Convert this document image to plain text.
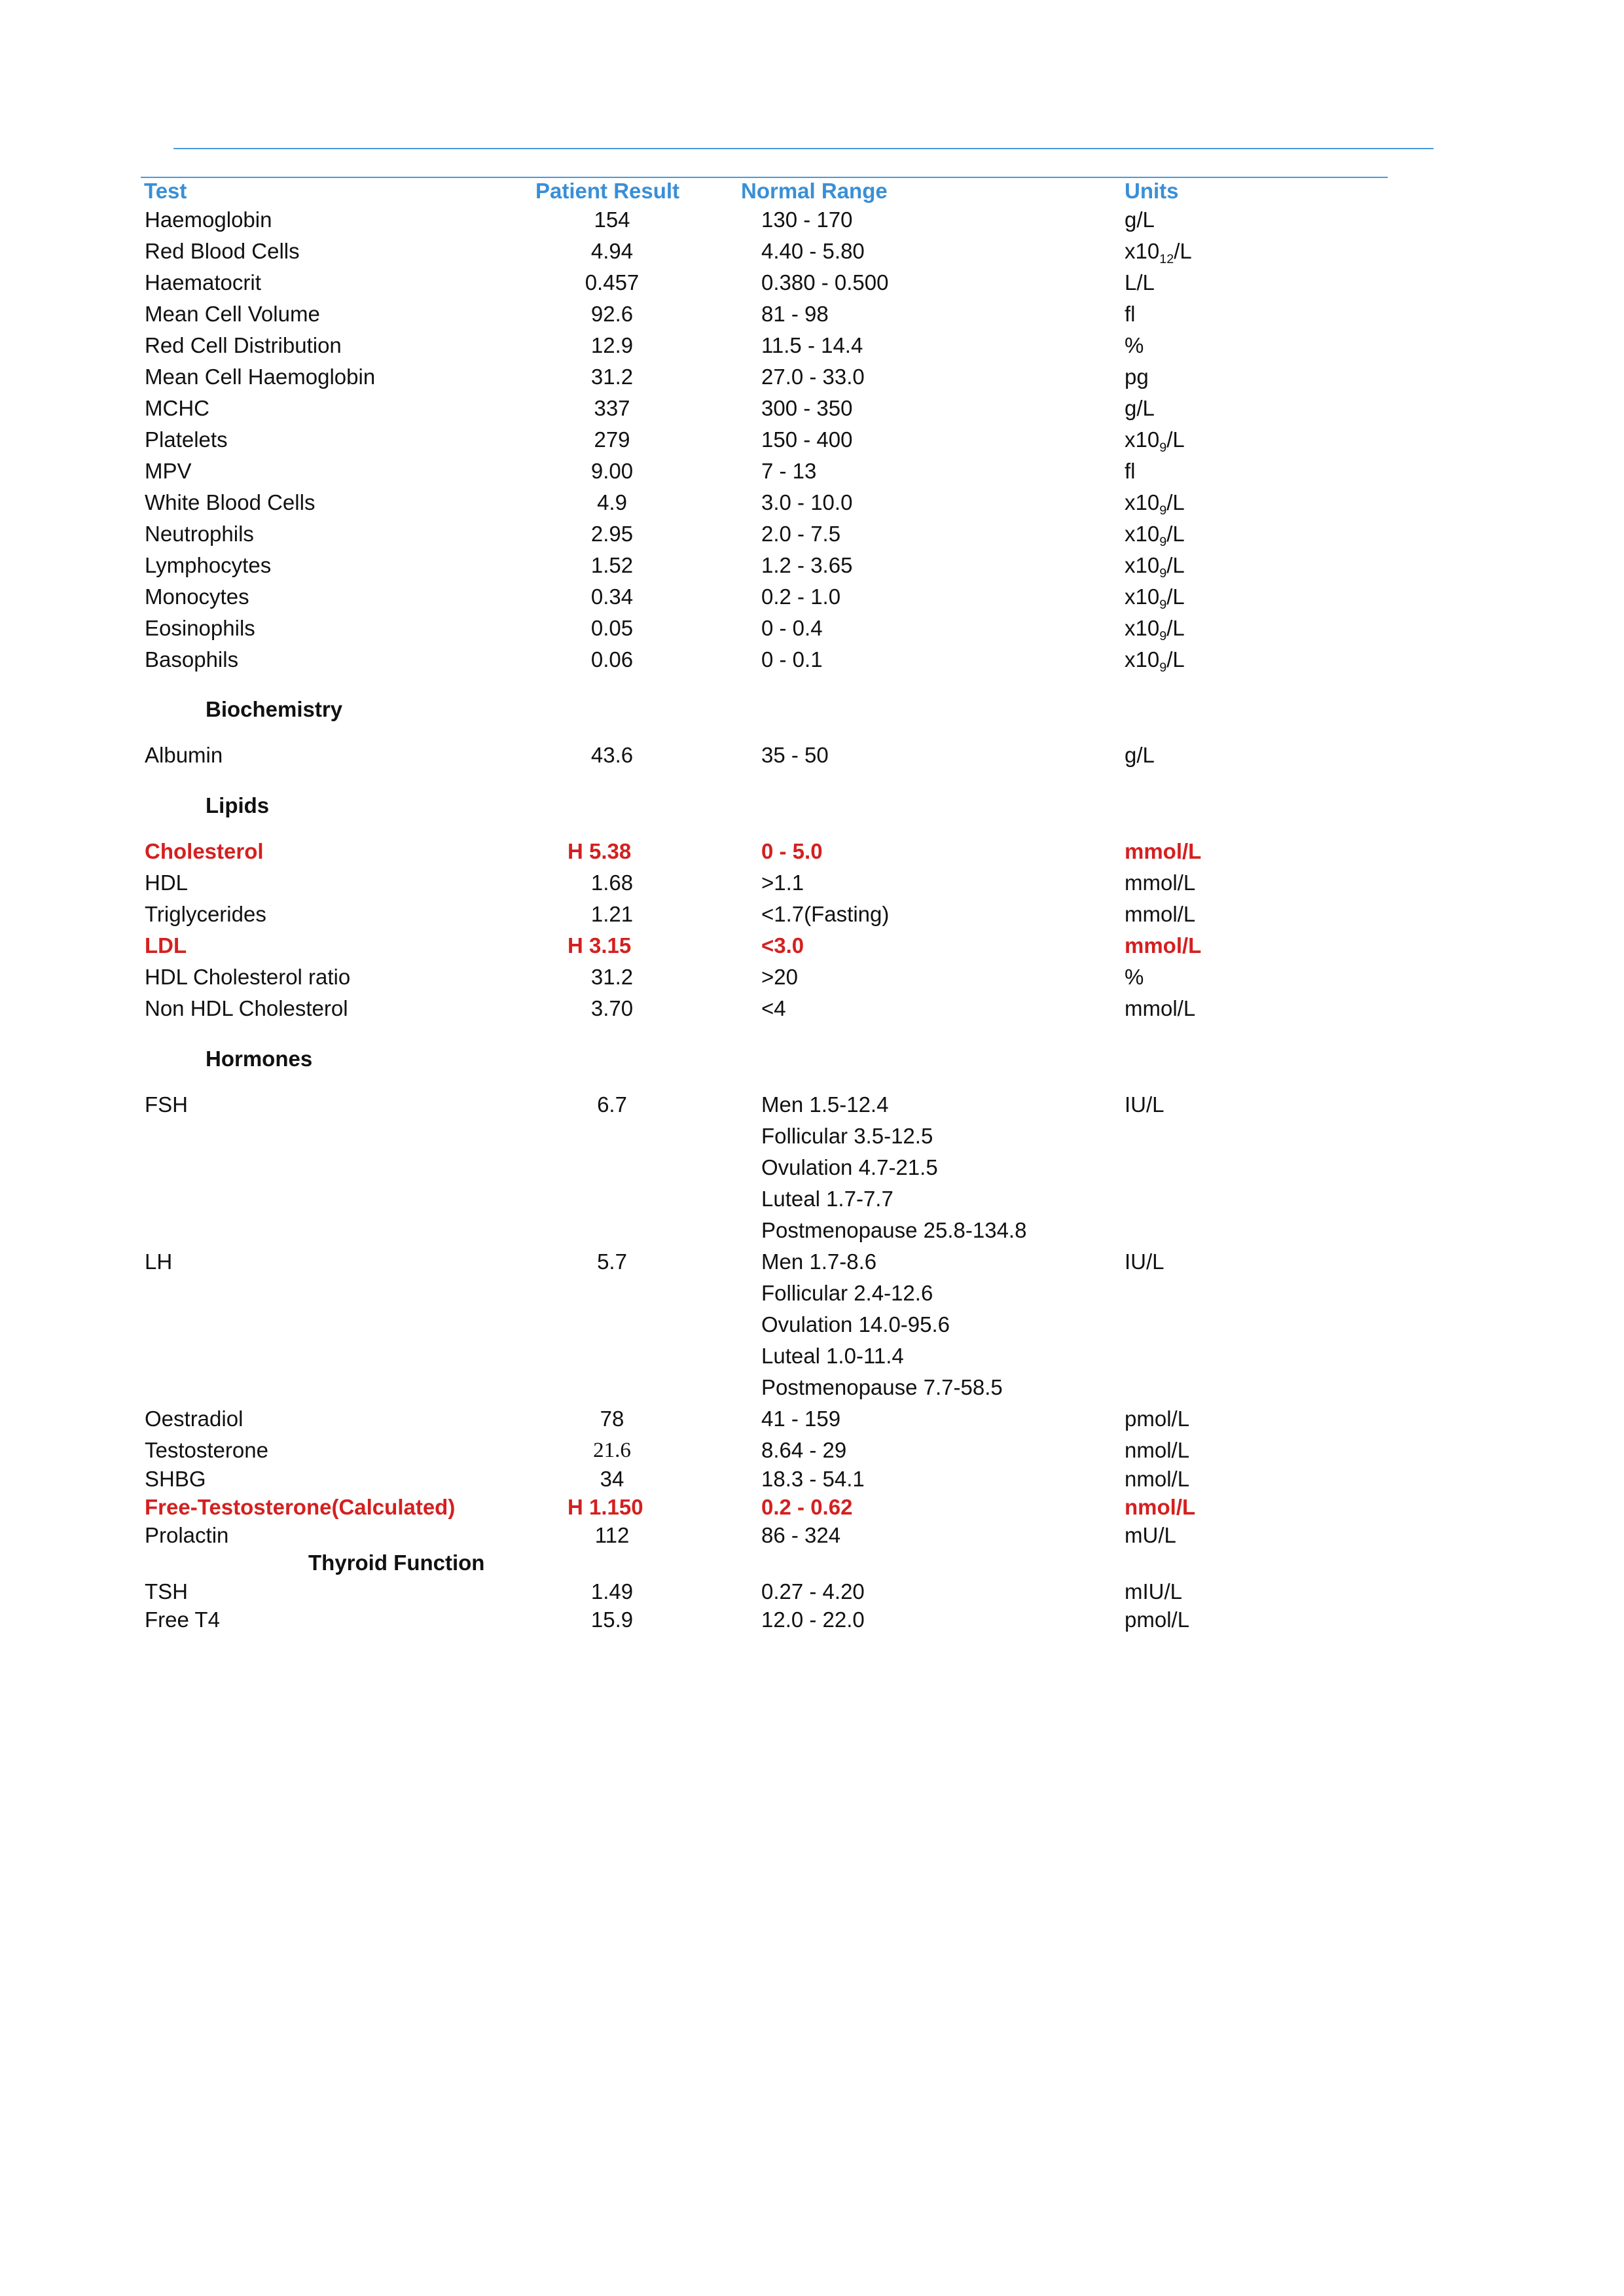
Test	Patient Result	Normal Range	Units
Haemoglobin	154	130 - 170	g/L
Red Blood Cells	4.94	4.40 - 5.80	$x10_{12}/L$
Haematocrit	0.457	0.380 - 0.500	L/L
Mean Cell Volume	92.6	81 - 98	fl
Red Cell Distribution	12.9	11.5 - 14.4	%
Mean Cell Haemoglobin	31.2	27.0 - 33.0	pg
MCHC	337	300 - 350	g/L
Platelets	279	150 - 400	$x10_9/L$
MPV	9.00	7 - 13	fl
White Blood Cells	4.9	3.0 - 10.0	$x10_9/L$
Neutrophils	2.95	2.0 - 7.5	$x10_9/L$
Lymphocytes	1.52	1.2 - 3.65	$x10_9/L$
Monocytes	0.34	0.2 - 1.0	$x10_9/L$
Eosinophils	0.05	0 - 0.4	$x10_9/L$
Basophils	0.06	0 - 0.1	$x10_9/L$
Biochemistry
Albumin	43.6	35 - 50	g/L
Lipids
Cholesterol	H 5.38	0 - 5.0	mmol/L
HDL	1.68	>1.1	mmol/L
Triglycerides	1.21	<1.7(Fasting)	mmol/L
LDL	H 3.15	<3.0	mmol/L
HDL Cholesterol ratio	31.2	>20	%
Non HDL Cholesterol	3.70	<4	mmol/L
Hormones
FSH	6.7	Men 1.5-12.4	IU/L
Follicular 3.5-12.5
Ovulation 4.7-21.5
Luteal 1.7-7.7
Postmenopause 25.8-134.8
LH	5.7	Men 1.7-8.6	IU/L
Follicular 2.4-12.6
Ovulation 14.0-95.6
Luteal 1.0-11.4
Postmenopause 7.7-58.5
Oestradiol	78	41 - 159	pmol/L
Testosterone	21.6	8.64 - 29	nmol/L
SHBG	34	18.3 - 54.1	nmol/L
Free-Testosterone(Calculated)	H 1.150	0.2 - 0.62	nmol/L
Prolactin	112	86 - 324	mU/L
Thyroid Function
TSH	1.49	0.27 - 4.20	mIU/L
Free T4	15.9	12.0 - 22.0	pmol/L
